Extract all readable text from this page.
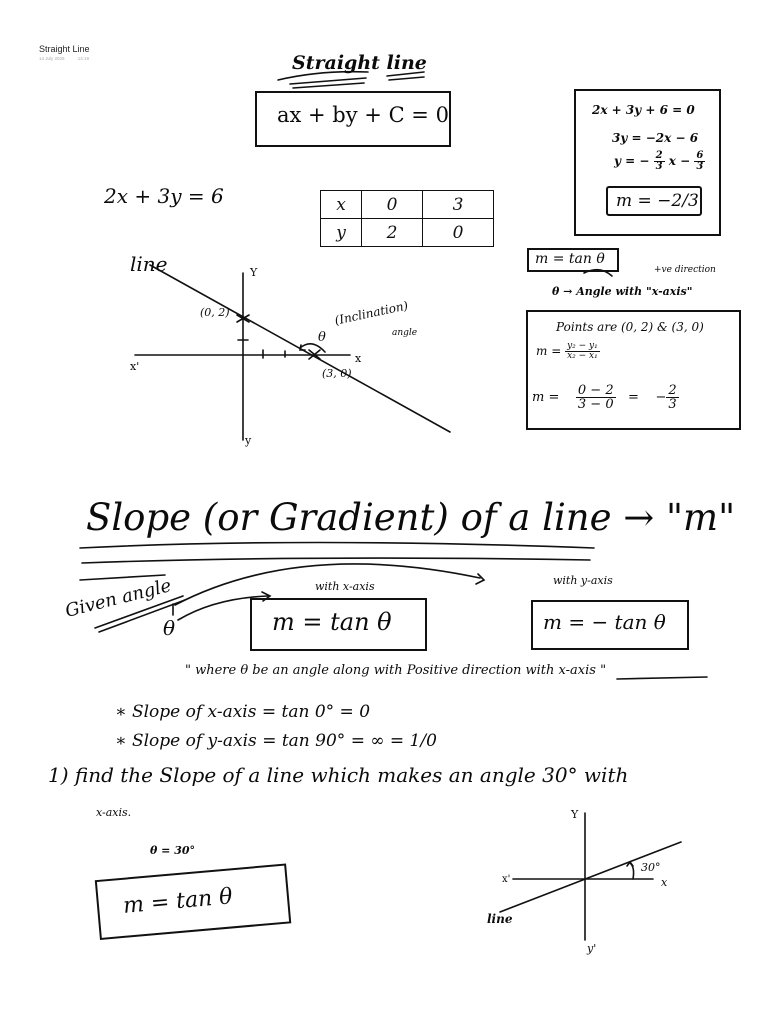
Straight Line
14 July 2025	14:19	Straight line
ax + by + C = 0
2x + 3y = 6	x	0	3
y	2	0
2x + 3y + 6 = 0
3y = −2x − 6
y = − $\frac{2}{3}$ $x - \frac{6}{3}$
m = −2/3
line	Y
y
x
x'
(0, 2)
(3, 0)
θ
(Inclination)
angle
m = tan θ
+ve direction
θ → Angle with "x-axis"
Points are (0, 2) & (3, 0)
$m = \frac{\text{y₂ − y₁}}{\text{x₂ − x₁}}$
$m = \frac{0 - 2}{3 - 0}$ = − $\frac{2}{3}$
Slope (or Gradient) of a line → "m"
Given angle
θ
with x-axis	with y-axis
m = tan θ	m = − tan θ
" where θ be an angle along with Positive direction with x-axis "
∗ Slope of x-axis = tan 0° = 0
∗ Slope of y-axis = tan 90° = ∞ = 1/0
1) find the Slope of a line which makes an angle 30° with
x-axis.
θ = 30°
m = tan θ
Y
y'
x
x'
30°
line
